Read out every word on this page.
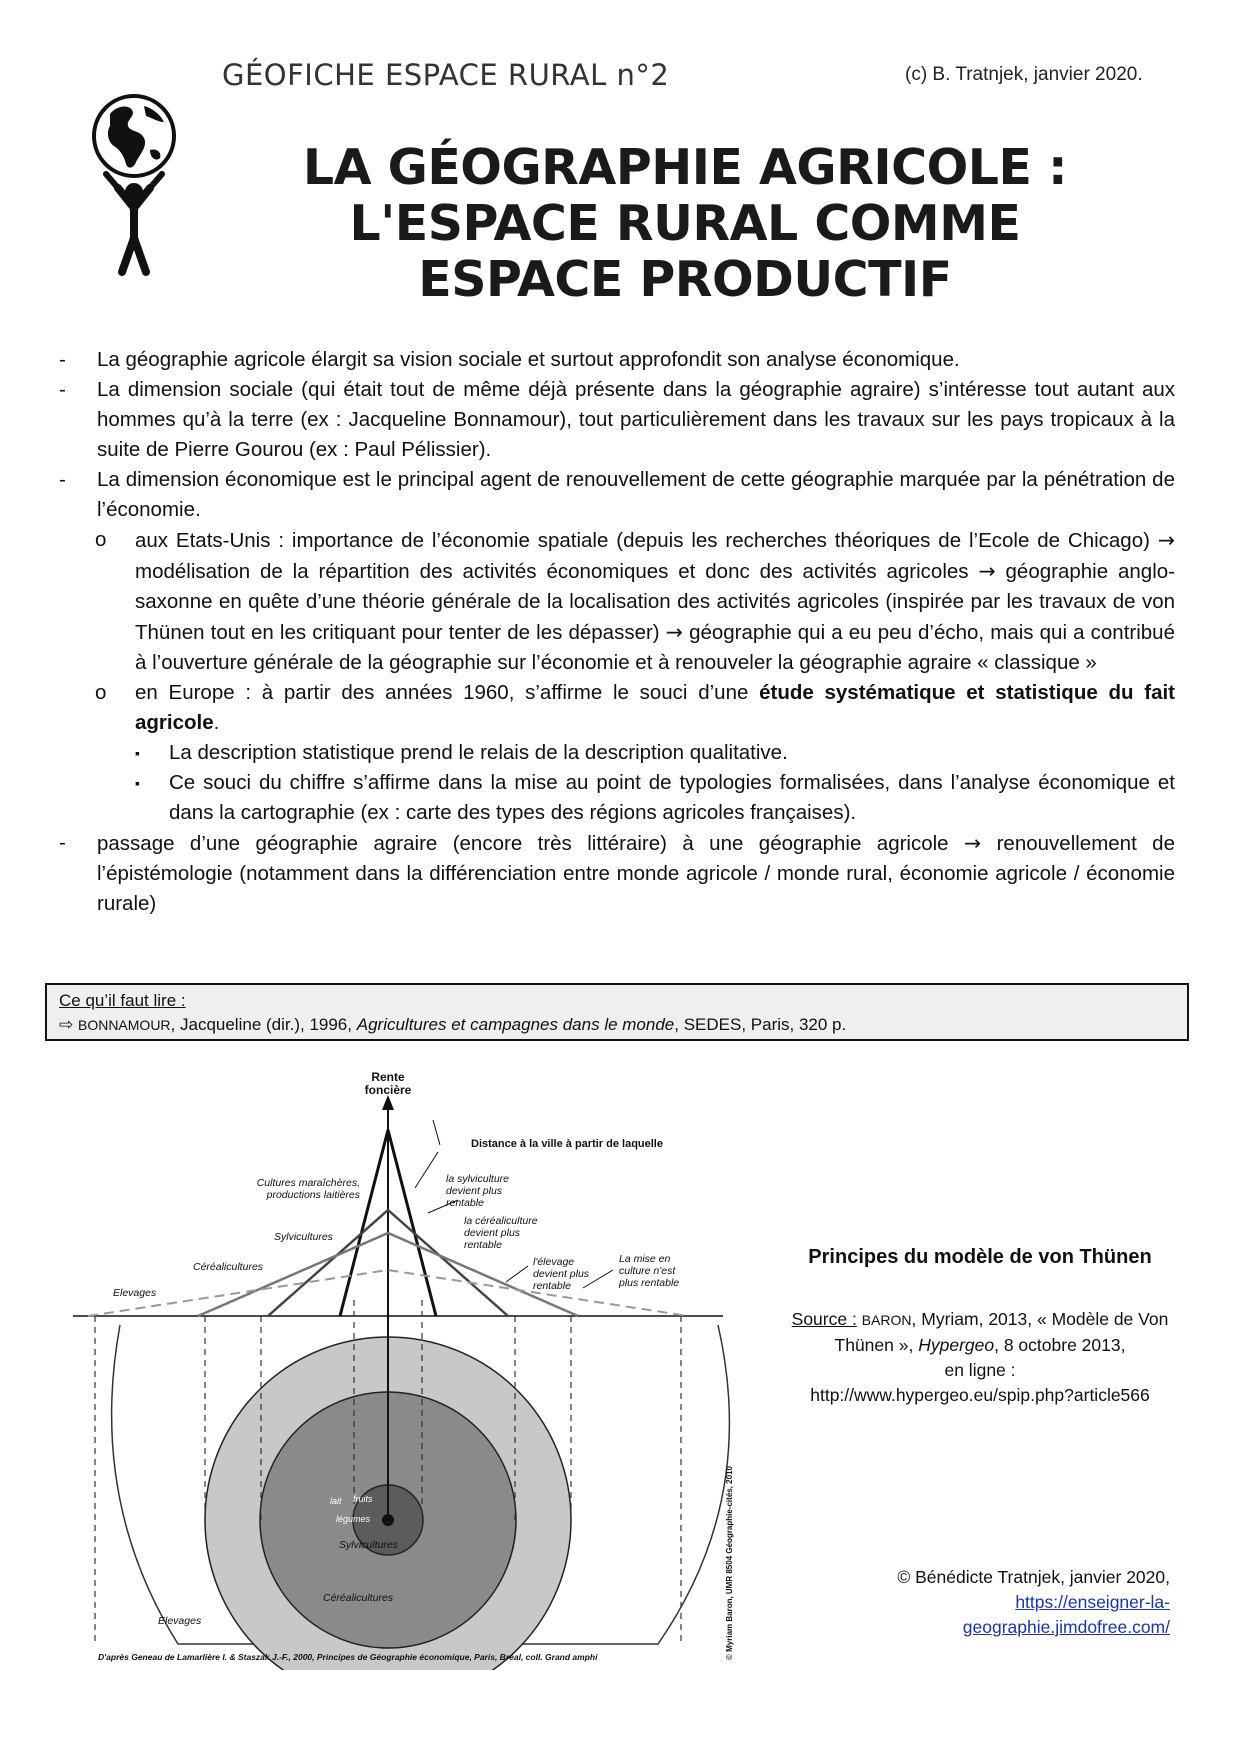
GÉOFICHE ESPACE RURAL n°2	(c) B. Tratnjek, janvier 2020.
LA GÉOGRAPHIE AGRICOLE :
L'ESPACE RURAL COMME
ESPACE PRODUCTIF
- La géographie agricole élargit sa vision sociale et surtout approfondit son analyse économique.
- La dimension sociale (qui était tout de même déjà présente dans la géographie agraire) s’intéresse tout autant aux hommes qu’à la terre (ex : Jacqueline Bonnamour), tout particulièrement dans les travaux sur les pays tropicaux à la suite de Pierre Gourou (ex : Paul Pélissier).
- La dimension économique est le principal agent de renouvellement de cette géographie marquée par la pénétration de l’économie.
o aux Etats-Unis : importance de l’économie spatiale (depuis les recherches théoriques de l’Ecole de Chicago) → modélisation de la répartition des activités économiques et donc des activités agricoles → géographie anglo-saxonne en quête d’une théorie générale de la localisation des activités agricoles (inspirée par les travaux de von Thünen tout en les critiquant pour tenter de les dépasser) → géographie qui a eu peu d’écho, mais qui a contribué à l’ouverture générale de la géographie sur l’économie et à renouveler la géographie agraire « classique »
o en Europe : à partir des années 1960, s’affirme le souci d’une étude systématique et statistique du fait agricole.
▪ La description statistique prend le relais de la description qualitative.
▪ Ce souci du chiffre s’affirme dans la mise au point de typologies formalisées, dans l’analyse économique et dans la cartographie (ex : carte des types des régions agricoles françaises).
- passage d’une géographie agraire (encore très littéraire) à une géographie agricole → renouvellement de l’épistémologie (notamment dans la différenciation entre monde agricole / monde rural, économie agricole / économie rurale)
Ce qu’il faut lire :
⇨ BONNAMOUR, Jacqueline (dir.), 1996, Agricultures et campagnes dans le monde, SEDES, Paris, 320 p.
Rente
foncière
Distance à la ville à partir de laquelle
Cultures maraîchères,
productions laitières
la sylviculture
devient plus
rentable
la céréaliculture
devient plus
rentable
l'élevage
devient plus
rentable
La mise en
culture n'est
plus rentable
Sylvicultures
Céréalicultures
Elevages
lait fruits
légumes
Sylvicultures
Céréalicultures
Elevages
D'après Geneau de Lamarlière I. & Staszak J.-F., 2000, Principes de Géographie économique, Paris, Bréal, coll. Grand amphi	© Myriam Baron, UMR 8504 Géographie-cités, 2010
Principes du modèle de von Thünen
Source : BARON, Myriam, 2013, « Modèle de Von Thünen », Hypergeo, 8 octobre 2013,
en ligne :
http://www.hypergeo.eu/spip.php?article566
© Bénédicte Tratnjek, janvier 2020,
https://enseigner-la-
geographie.jimdofree.com/
